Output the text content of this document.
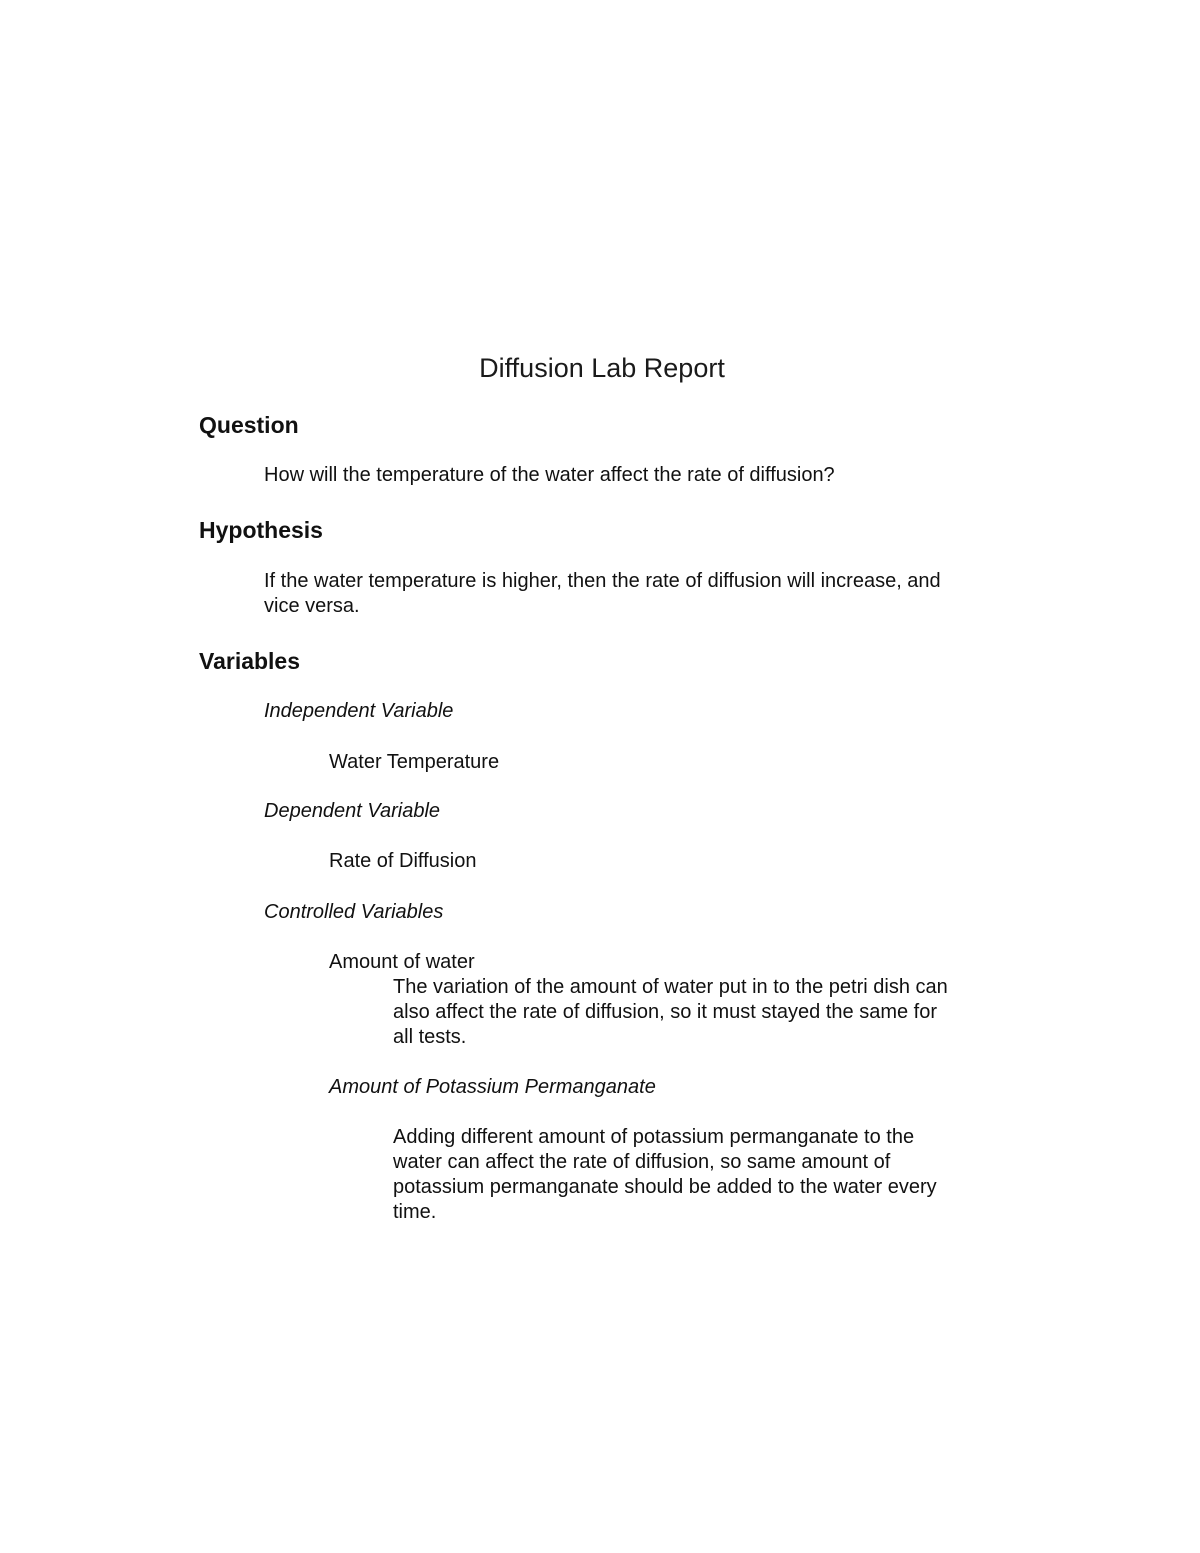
Diffusion Lab Report
Question
How will the temperature of the water affect the rate of diffusion?
Hypothesis
If the water temperature is higher, then the rate of diffusion will increase, and
vice versa.
Variables
Independent Variable
Water Temperature
Dependent Variable
Rate of Diffusion
Controlled Variables
Amount of water
The variation of the amount of water put in to the petri dish can
also affect the rate of diffusion, so it must stayed the same for
all tests.
Amount of Potassium Permanganate
Adding different amount of potassium permanganate to the
water can affect the rate of diffusion, so same amount of
potassium permanganate should be added to the water every
time.
